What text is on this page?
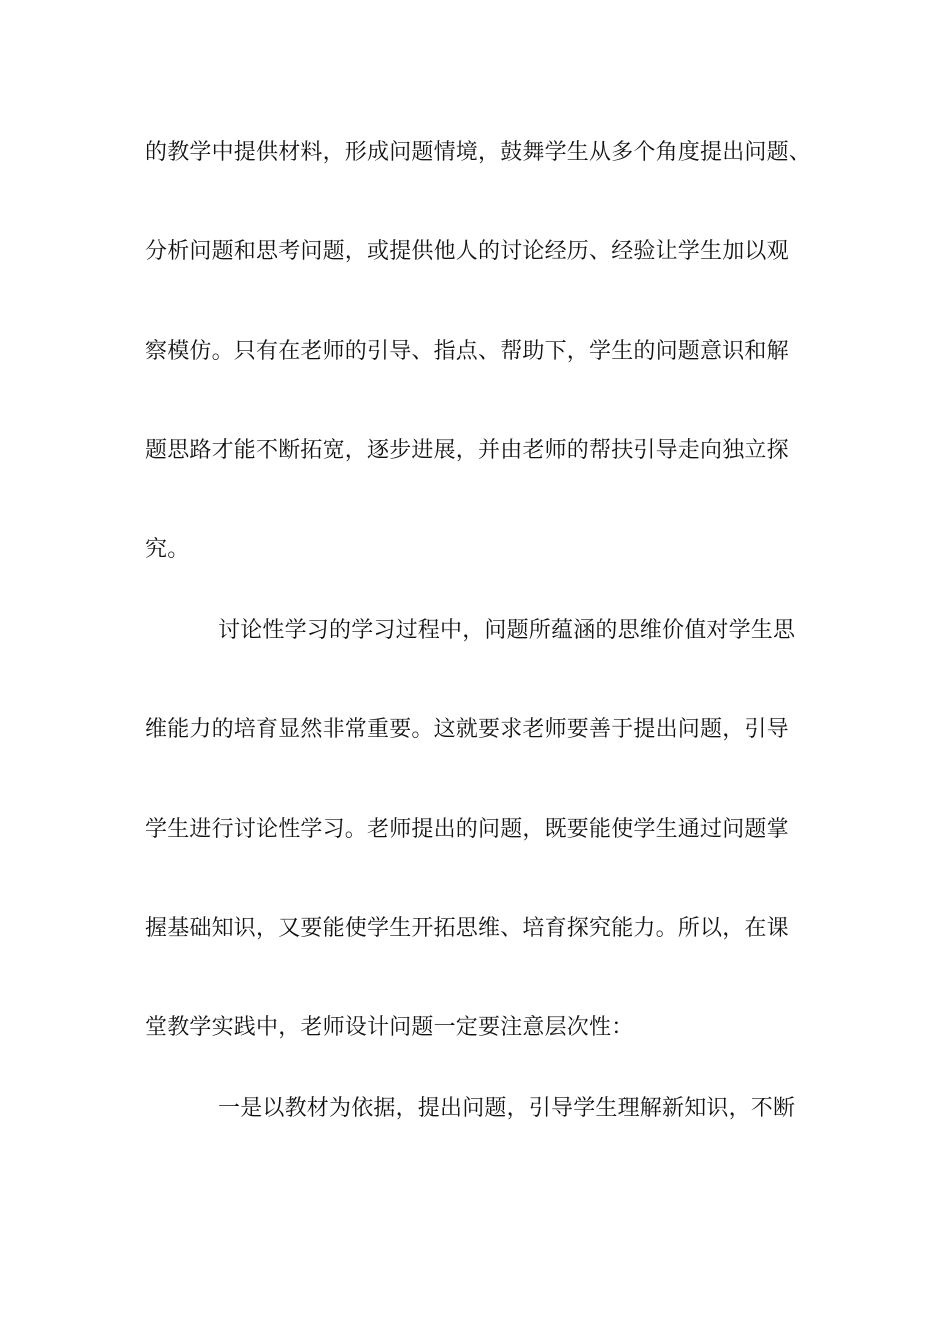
的教学中提供材料，形成问题情境，鼓舞学生从多个角度提出问题、
分析问题和思考问题，或提供他人的讨论经历、经验让学生加以观
察模仿。只有在老师的引导、指点、帮助下，学生的问题意识和解
题思路才能不断拓宽，逐步进展，并由老师的帮扶引导走向独立探
究。
讨论性学习的学习过程中，问题所蕴涵的思维价值对学生思
维能力的培育显然非常重要。这就要求老师要善于提出问题，引导
学生进行讨论性学习。老师提出的问题，既要能使学生通过问题掌
握基础知识，又要能使学生开拓思维、培育探究能力。所以，在课
堂教学实践中，老师设计问题一定要注意层次性：
一是以教材为依据，提出问题，引导学生理解新知识，不断
